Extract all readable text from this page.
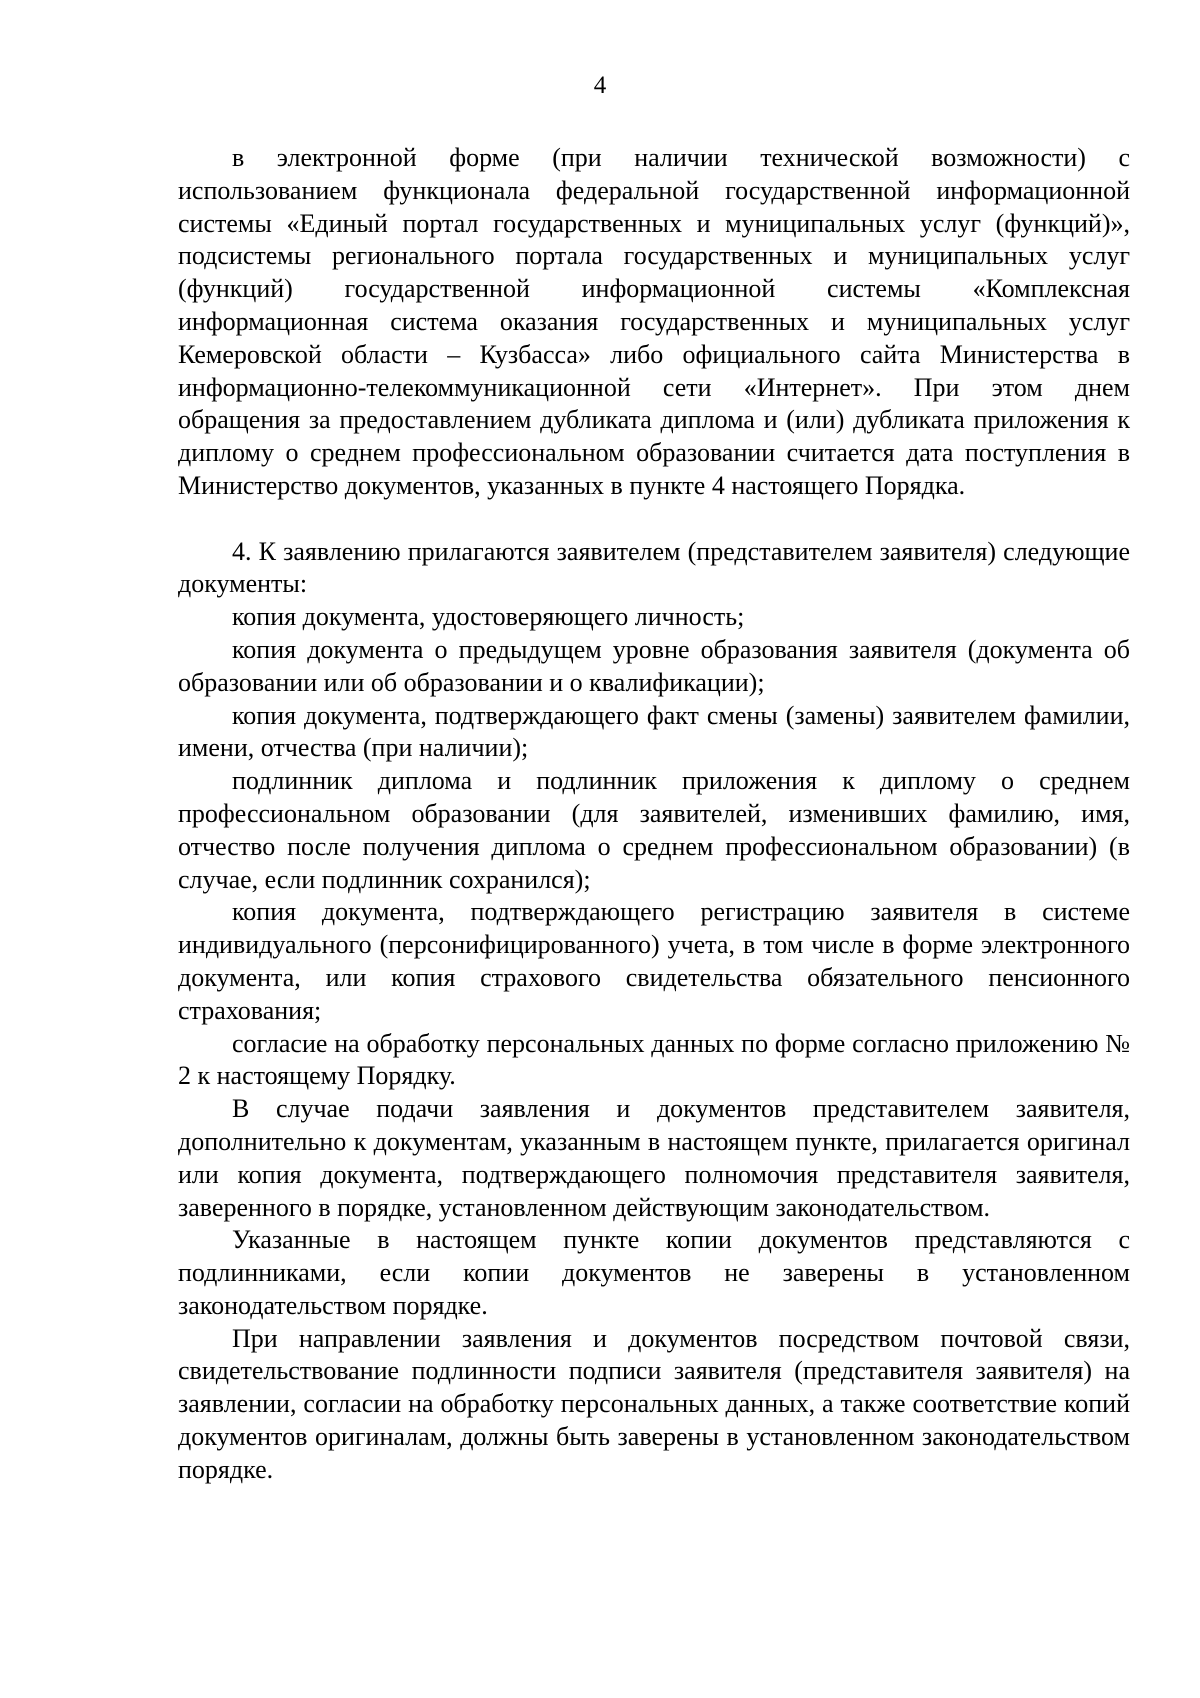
4

в электронной форме (при наличии технической возможности) с использованием функционала федеральной государственной информационной системы «Единый портал государственных и муниципальных услуг (функций)», подсистемы регионального портала государственных и муниципальных услуг (функций) государственной информационной системы «Комплексная информационная система оказания государственных и муниципальных услуг Кемеровской области – Кузбасса» либо официального сайта Министерства в информационно-телекоммуникационной сети «Интернет». При этом днем обращения за предоставлением дубликата диплома и (или) дубликата приложения к диплому о среднем профессиональном образовании считается дата поступления в Министерство документов, указанных в пункте 4 настоящего Порядка.

4. К заявлению прилагаются заявителем (представителем заявителя) следующие документы:

копия документа, удостоверяющего личность;

копия документа о предыдущем уровне образования заявителя (документа об образовании или об образовании и о квалификации);

копия документа, подтверждающего факт смены (замены) заявителем фамилии, имени, отчества (при наличии);

подлинник диплома и подлинник приложения к диплому о среднем профессиональном образовании (для заявителей, изменивших фамилию, имя, отчество после получения диплома о среднем профессиональном образовании) (в случае, если подлинник сохранился);

копия документа, подтверждающего регистрацию заявителя в системе индивидуального (персонифицированного) учета, в том числе в форме электронного документа, или копия страхового свидетельства обязательного пенсионного страхования;

согласие на обработку персональных данных по форме согласно приложению № 2 к настоящему Порядку.

В случае подачи заявления и документов представителем заявителя, дополнительно к документам, указанным в настоящем пункте, прилагается оригинал или копия документа, подтверждающего полномочия представителя заявителя, заверенного в порядке, установленном действующим законодательством.

Указанные в настоящем пункте копии документов представляются с подлинниками, если копии документов не заверены в установленном законодательством порядке.

При направлении заявления и документов посредством почтовой связи, свидетельствование подлинности подписи заявителя (представителя заявителя) на заявлении, согласии на обработку персональных данных, а также соответствие копий документов оригиналам, должны быть заверены в установленном законодательством порядке.
